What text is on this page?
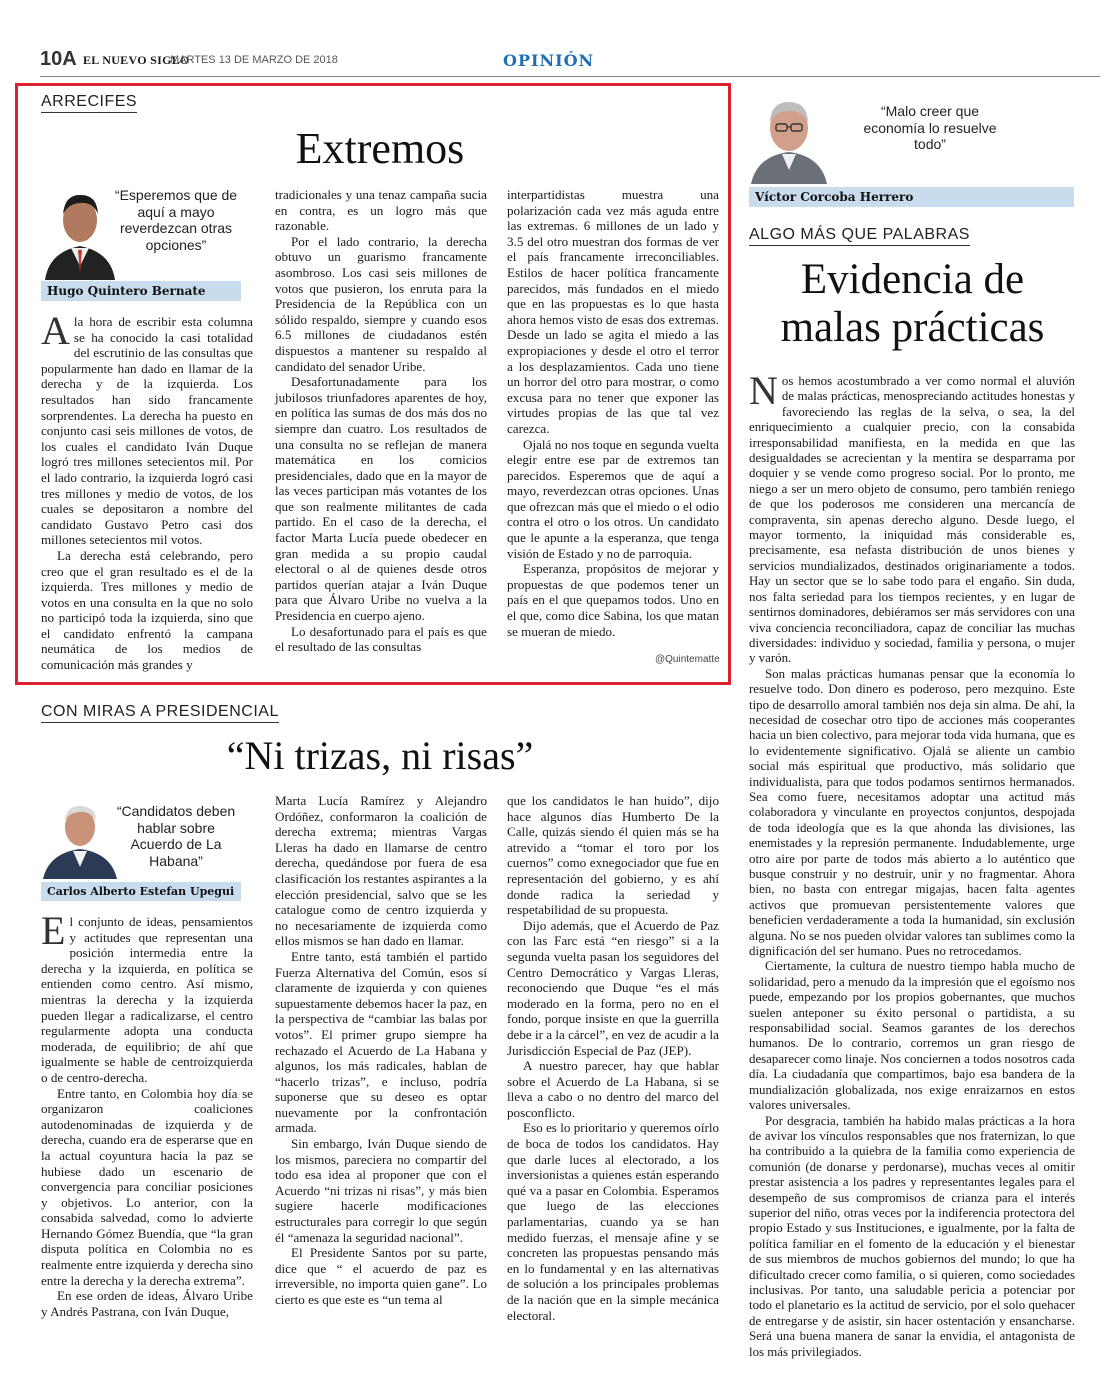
10A EL NUEVO SIGLO
MARTES 13 DE MARZO DE 2018	OPINIÓN
ARRECIFES
Extremos
“Esperemos que de aquí a mayo reverdezcan otras opciones”
Hugo Quintero Bernate

Ala hora de escribir esta columna se ha conocido la casi totalidad del escrutinio de las consultas que popularmente han dado en llamar de la derecha y de la izquierda. Los resultados han sido francamente sorprendentes. La derecha ha puesto en conjunto casi seis millones de votos, de los cuales el candidato Iván Duque logró tres millones setecientos mil. Por el lado contrario, la izquierda logró casi tres millones y medio de votos, de los cuales se depositaron a nombre del candidato Gustavo Petro casi dos millones setecientos mil votos.

La derecha está celebrando, pero creo que el gran resultado es el de la izquierda. Tres millones y medio de votos en una consulta en la que no solo no participó toda la izquierda, sino que el candidato enfrentó la campana neumática de los medios de comunicación más grandes y

tradicionales y una tenaz campaña sucia en contra, es un logro más que razonable.

Por el lado contrario, la derecha obtuvo un guarismo francamente asombroso. Los casi seis millones de votos que pusieron, los enruta para la Presidencia de la República con un sólido respaldo, siempre y cuando esos 6.5 millones de ciudadanos estén dispuestos a mantener su respaldo al candidato del senador Uribe.

Desafortunadamente para los jubilosos triunfadores aparentes de hoy, en política las sumas de dos más dos no siempre dan cuatro. Los resultados de una consulta no se reflejan de manera matemática en los comicios presidenciales, dado que en la mayor de las veces participan más votantes de los que son realmente militantes de cada partido. En el caso de la derecha, el factor Marta Lucía puede obedecer en gran medida a su propio caudal electoral o al de quienes desde otros partidos querían atajar a Iván Duque para que Álvaro Uribe no vuelva a la Presidencia en cuerpo ajeno.

Lo desafortunado para el país es que el resultado de las consultas

interpartidistas muestra una polarización cada vez más aguda entre las extremas. 6 millones de un lado y 3.5 del otro muestran dos formas de ver el país francamente irreconciliables. Estilos de hacer política francamente parecidos, más fundados en el miedo que en las propuestas es lo que hasta ahora hemos visto de esas dos extremas. Desde un lado se agita el miedo a las expropiaciones y desde el otro el terror a los desplazamientos. Cada uno tiene un horror del otro para mostrar, o como excusa para no tener que exponer las virtudes propias de las que tal vez carezca.

Ojalá no nos toque en segunda vuelta elegir entre ese par de extremos tan parecidos. Esperemos que de aquí a mayo, reverdezcan otras opciones. Unas que ofrezcan más que el miedo o el odio contra el otro o los otros. Un candidato que le apunte a la esperanza, que tenga visión de Estado y no de parroquia.

Esperanza, propósitos de mejorar y propuestas de que podemos tener un país en el que quepamos todos. Uno en el que, como dice Sabina, los que matan se mueran de miedo.

@Quintemattе
CON MIRAS A PRESIDENCIAL
“Ni trizas, ni risas”
“Candidatos deben hablar sobre Acuerdo de La Habana”
Carlos Alberto Estefan Upegui

El conjunto de ideas, pensamientos y actitudes que representan una posición intermedia entre la derecha y la izquierda, en política se entienden como centro. Así mismo, mientras la derecha y la izquierda pueden llegar a radicalizarse, el centro regularmente adopta una conducta moderada, de equilibrio; de ahí que igualmente se hable de centroizquierda o de centro-derecha.

Entre tanto, en Colombia hoy día se organizaron coaliciones autodenominadas de izquierda y de derecha, cuando era de esperarse que en la actual coyuntura hacia la paz se hubiese dado un escenario de convergencia para conciliar posiciones y objetivos. Lo anterior, con la consabida salvedad, como lo advierte Hernando Gómez Buendía, que “la gran disputa política en Colombia no es realmente entre izquierda y derecha sino entre la derecha y la derecha extrema”.

En ese orden de ideas, Álvaro Uribe y Andrés Pastrana, con Iván Duque,

Marta Lucía Ramírez y Alejandro Ordóñez, conformaron la coalición de derecha extrema; mientras Vargas Lleras ha dado en llamarse de centro derecha, quedándose por fuera de esa clasificación los restantes aspirantes a la elección presidencial, salvo que se les catalogue como de centro izquierda y no necesariamente de izquierda como ellos mismos se han dado en llamar.

Entre tanto, está también el partido Fuerza Alternativa del Común, esos sí claramente de izquierda y con quienes supuestamente debemos hacer la paz, en la perspectiva de “cambiar las balas por votos”. El primer grupo siempre ha rechazado el Acuerdo de La Habana y algunos, los más radicales, hablan de “hacerlo trizas”, e incluso, podría suponerse que su deseo es optar nuevamente por la confrontación armada.

Sin embargo, Iván Duque siendo de los mismos, pareciera no compartir del todo esa idea al proponer que con el Acuerdo “ni trizas ni risas”, y más bien sugiere hacerle modificaciones estructurales para corregir lo que según él “amenaza la seguridad nacional”.

El Presidente Santos por su parte, dice que “ el acuerdo de paz es irreversible, no importa quien gane”. Lo cierto es que este es “un tema al

que los candidatos le han huido”, dijo hace algunos días Humberto De la Calle, quizás siendo él quien más se ha atrevido a “tomar el toro por los cuernos” como exnegociador que fue en representación del gobierno, y es ahí donde radica la seriedad y respetabilidad de su propuesta.

Dijo además, que el Acuerdo de Paz con las Farc está “en riesgo” si a la segunda vuelta pasan los seguidores del Centro Democrático y Vargas Lleras, reconociendo que Duque “es el más moderado en la forma, pero no en el fondo, porque insiste en que la guerrilla debe ir a la cárcel”, en vez de acudir a la Jurisdicción Especial de Paz (JEP).

A nuestro parecer, hay que hablar sobre el Acuerdo de La Habana, si se lleva a cabo o no dentro del marco del posconflicto.

Eso es lo prioritario y queremos oírlo de boca de todos los candidatos. Hay que darle luces al electorado, a los inversionistas a quienes están esperando qué va a pasar en Colombia. Esperamos que luego de las elecciones parlamentarias, cuando ya se han medido fuerzas, el mensaje afine y se concreten las propuestas pensando más en lo fundamental y en las alternativas de solución a los principales problemas de la nación que en la simple mecánica electoral.

“Malo creer que economía lo resuelve todo”
Víctor Corcoba Herrero
ALGO MÁS QUE PALABRAS
Evidencia de malas prácticas

Nos hemos acostumbrado a ver como normal el aluvión de malas prácticas, menospreciando actitudes honestas y favoreciendo las reglas de la selva, o sea, la del enriquecimiento a cualquier precio, con la consabida irresponsabilidad manifiesta, en la medida en que las desigualdades se acrecientan y la mentira se desparrama por doquier y se vende como progreso social. Por lo pronto, me niego a ser un mero objeto de consumo, pero también reniego de que los poderosos me consideren una mercancía de compraventa, sin apenas derecho alguno. Desde luego, el mayor tormento, la iniquidad más considerable es, precisamente, esa nefasta distribución de unos bienes y servicios mundializados, destinados originariamente a todos. Hay un sector que se lo sabe todo para el engaño. Sin duda, nos falta seriedad para los tiempos recientes, y en lugar de sentirnos dominadores, debiéramos ser más servidores con una viva conciencia reconciliadora, capaz de conciliar las muchas diversidades: individuo y sociedad, familia y persona, o mujer y varón.

Son malas prácticas humanas pensar que la economía lo resuelve todo. Don dinero es poderoso, pero mezquino. Este tipo de desarrollo amoral también nos deja sin alma. De ahí, la necesidad de cosechar otro tipo de acciones más cooperantes hacia un bien colectivo, para mejorar toda vida humana, que es lo evidentemente significativo. Ojalá se aliente un cambio social más espiritual que productivo, más solidario que individualista, para que todos podamos sentirnos hermanados. Sea como fuere, necesitamos adoptar una actitud más colaboradora y vinculante en proyectos conjuntos, despojada de toda ideología que es la que ahonda las divisiones, las enemistades y la represión permanente. Indudablemente, urge otro aire por parte de todos más abierto a lo auténtico que busque construir y no destruir, unir y no fragmentar. Ahora bien, no basta con entregar migajas, hacen falta agentes activos que promuevan persistentemente valores que beneficien verdaderamente a toda la humanidad, sin exclusión alguna. No se nos pueden olvidar valores tan sublimes como la dignificación del ser humano. Pues no retrocedamos.

Ciertamente, la cultura de nuestro tiempo habla mucho de solidaridad, pero a menudo da la impresión que el egoísmo nos puede, empezando por los propios gobernantes, que muchos suelen anteponer su éxito personal o partidista, a su responsabilidad social. Seamos garantes de los derechos humanos. De lo contrario, corremos un gran riesgo de desaparecer como linaje. Nos conciernen a todos nosotros cada día. La ciudadanía que compartimos, bajo esa bandera de la mundialización globalizada, nos exige enraizarnos en estos valores universales.

Por desgracia, también ha habido malas prácticas a la hora de avivar los vínculos responsables que nos fraternizan, lo que ha contribuido a la quiebra de la familia como experiencia de comunión (de donarse y perdonarse), muchas veces al omitir prestar asistencia a los padres y representantes legales para el desempeño de sus compromisos de crianza para el interés superior del niño, otras veces por la indiferencia protectora del propio Estado y sus Instituciones, e igualmente, por la falta de política familiar en el fomento de la educación y el bienestar de sus miembros de muchos gobiernos del mundo; lo que ha dificultado crecer como familia, o si quieren, como sociedades inclusivas. Por tanto, una saludable pericia a potenciar por todo el planetario es la actitud de servicio, por el solo quehacer de entregarse y de asistir, sin hacer ostentación y ensancharse. Será una buena manera de sanar la envidia, el antagonista de los más privilegiados.
